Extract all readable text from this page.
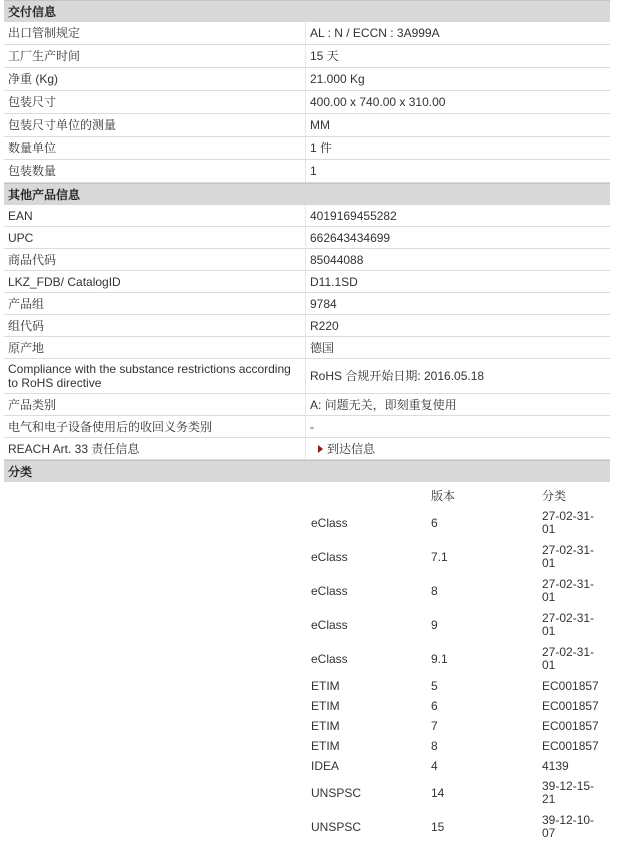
交付信息
出口管制规定	AL : N / ECCN : 3A999A
工厂生产时间	15 天
净重 (Kg)	21.000 Kg
包装尺寸	400.00 x 740.00 x 310.00
包装尺寸单位的测量	MM
数量单位	1 件
包装数量	1
其他产品信息
EAN	4019169455282
UPC	662643434699
商品代码	85044088
LKZ_FDB/ CatalogID	D11.1SD
产品组	9784
组代码	R220
原产地	德国
Compliance with the substance restrictions according to RoHS directive	RoHS 合规开始日期: 2016.05.18
产品类别	A: 问题无关，即刻重复使用
电气和电子设备使用后的收回义务类别	-
REACH Art. 33 责任信息	到达信息
分类
	版本	分类
eClass	6	27-02-31-01
eClass	7.1	27-02-31-01
eClass	8	27-02-31-01
eClass	9	27-02-31-01
eClass	9.1	27-02-31-01
ETIM	5	EC001857
ETIM	6	EC001857
ETIM	7	EC001857
ETIM	8	EC001857
IDEA	4	4139
UNSPSC	14	39-12-15-21
UNSPSC	15	39-12-10-07
